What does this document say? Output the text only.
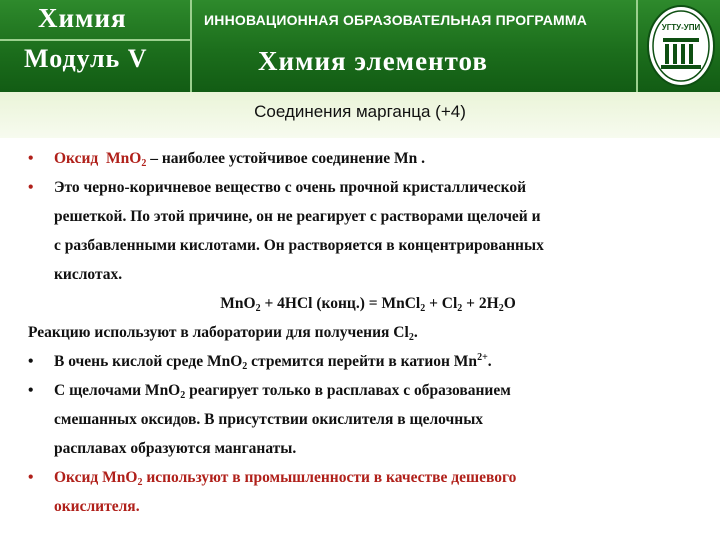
Химия
Модуль V
ИННОВАЦИОННАЯ ОБРАЗОВАТЕЛЬНАЯ ПРОГРАММА
Химия элементов
УГТУ-УПИ
Соединения марганца (+4)
• Оксид MnO$_2$ – наиболее устойчивое соединение Mn .
• Это черно-коричневое вещество с очень прочной кристаллической
решеткой. По этой причине, он не реагирует с растворами щелочей и
с разбавленными кислотами. Он растворяется в концентрированных
кислотах.
MnO$_2$ + 4HCl (конц.) = MnCl$_2$ + $Cl_2 + 2H_2O$
Реакцию используют в лаборатории для получения $Cl_2$.
• В очень кислой среде MnO$_2$ стремится перейти в катион $Mn^{2+}$.
• С щелочами MnO$_2$ реагирует только в расплавах с образованием
смешанных оксидов. В присутствии окислителя в щелочных
расплавах образуются манганаты.
• Оксид MnO$_2$ используют в промышленности в качестве дешевого
окислителя.
